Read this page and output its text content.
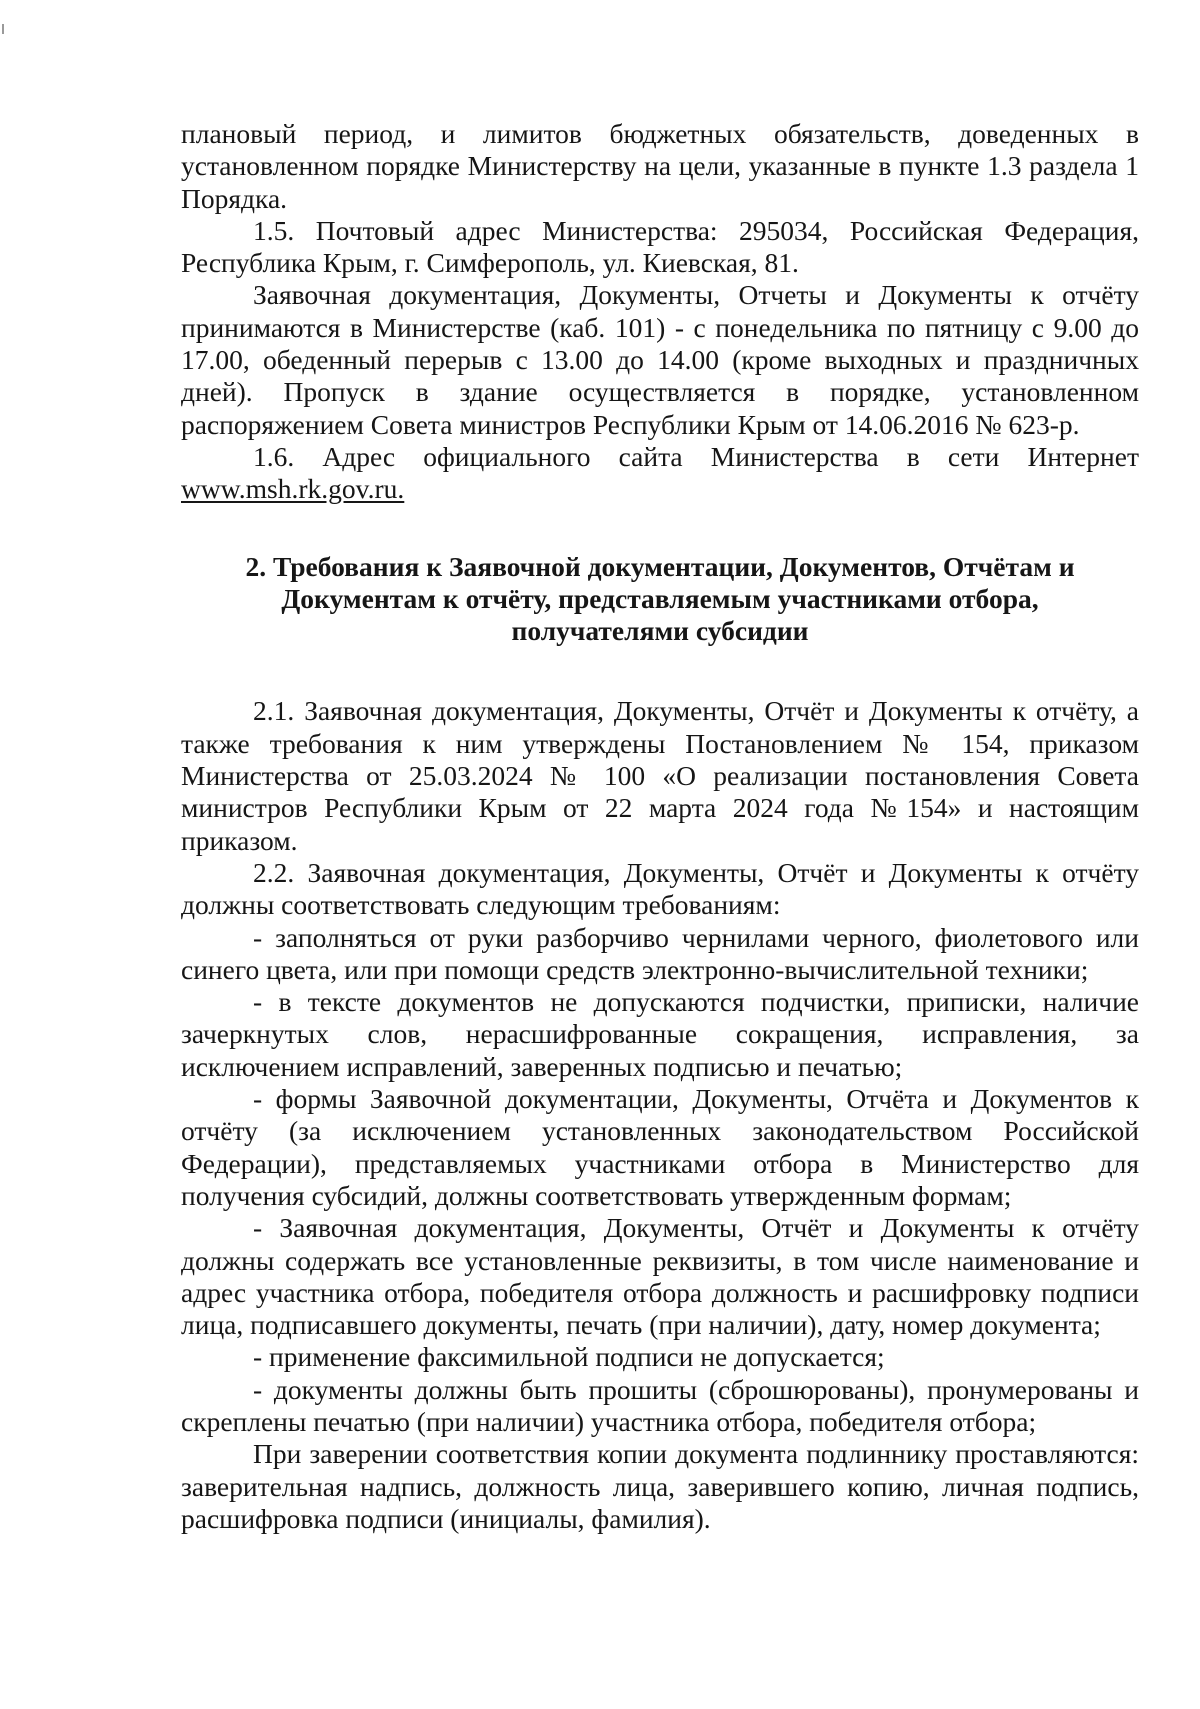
плановый период, и лимитов бюджетных обязательств, доведенных в установленном порядке Министерству на цели, указанные в пункте 1.3 раздела 1 Порядка.

1.5. Почтовый адрес Министерства: 295034, Российская Федерация, Республика Крым, г. Симферополь, ул. Киевская, 81.

Заявочная документация, Документы, Отчеты и Документы к отчёту принимаются в Министерстве (каб. 101) - с понедельника по пятницу с 9.00 до 17.00, обеденный перерыв с 13.00 до 14.00 (кроме выходных и праздничных дней). Пропуск в здание осуществляется в порядке, установленном распоряжением Совета министров Республики Крым от 14.06.2016 № 623-р.

1.6. Адрес официального сайта Министерства в сети Интернет www.msh.rk.gov.ru.

2. Требования к Заявочной документации, Документов, Отчётам и
Документам к отчёту, представляемым участниками отбора,
получателями субсидии

2.1. Заявочная документация, Документы, Отчёт и Документы к отчёту, а также требования к ним утверждены Постановлением № 154, приказом Министерства от 25.03.2024 № 100 «О реализации постановления Совета министров Республики Крым от 22 марта 2024 года №154» и настоящим приказом.

2.2. Заявочная документация, Документы, Отчёт и Документы к отчёту должны соответствовать следующим требованиям:

- заполняться от руки разборчиво чернилами черного, фиолетового или синего цвета, или при помощи средств электронно-вычислительной техники;

- в тексте документов не допускаются подчистки, приписки, наличие зачеркнутых слов, нерасшифрованные сокращения, исправления, за исключением исправлений, заверенных подписью и печатью;

- формы Заявочной документации, Документы, Отчёта и Документов к отчёту (за исключением установленных законодательством Российской Федерации), представляемых участниками отбора в Министерство для получения субсидий, должны соответствовать утвержденным формам;

- Заявочная документация, Документы, Отчёт и Документы к отчёту должны содержать все установленные реквизиты, в том числе наименование и адрес участника отбора, победителя отбора должность и расшифровку подписи лица, подписавшего документы, печать (при наличии), дату, номер документа;

- применение факсимильной подписи не допускается;

- документы должны быть прошиты (сброшюрованы), пронумерованы и скреплены печатью (при наличии) участника отбора, победителя отбора;

При заверении соответствия копии документа подлиннику проставляются: заверительная надпись, должность лица, заверившего копию, личная подпись, расшифровка подписи (инициалы, фамилия).
